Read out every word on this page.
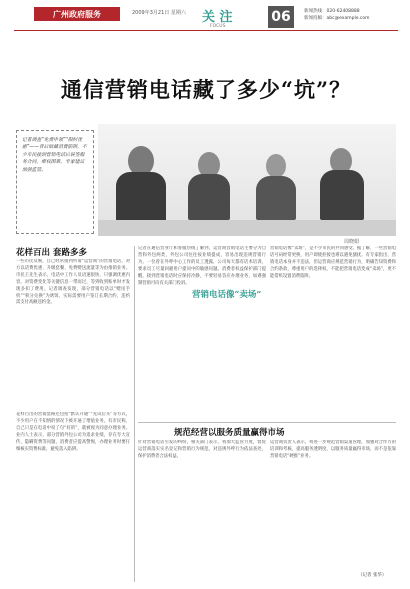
广州政府服务	2009年3月21日 星期六 关 注
FOCUS
06	新闻热线：020-62408888
新闻投稿：abc@example.com
通信营销电话藏了多少“坑”？
记者调查“免费申领”“限时优惠”——背后暗藏消费陷阱，不少市民接到营销电话后误签服务合同，维权困难，专家建议加强监管。
周晓娟
花样百出 套路多多

一些市民反映，自己经常接到所谓“运营商”的营销电话，对方以话费优惠、升级套餐、免费赠送流量等为由推销业务。市民王先生表示，电话中工作人员语速很快，只强调优惠内容，对资费变化等关键信息一带而过，等到收到账单时才发现多扣了费用。记者调查发现，部分营销电话以“赠送手机”“积分兑换”为诱饵，实际需要用户签订长期合约，违约需支付高额违约金。

花样百出的营销套路还包括“默认开通”“先试后买”等方式，不少用户在不知情的情况下被开通了增值业务。有市民称，自己只是在电话中说了句“好的”，就被视为同意办理业务。业内人士表示，部分营销外包公司为追求业绩，存在夸大宣传、隐瞒资费等问题，消费者应提高警惕，办理业务时要仔细核实资费标准，避免落入陷阱。

营销电话像“卖场”

记者在通信营业厅和客服热线了解到，运营商营销电话主要分为自营和外包两类，外包公司往往按业绩提成，容易出现违规营销行为。一位曾在外呼中心工作的员工透露，公司每天都有话术培训，要求员工尽量回避用户提问中的敏感问题。消费者权益保护部门提醒，接到营销电话时应保持冷静，不要轻易答应办理业务，如遇强制营销可向有关部门投诉。

营销电话像“卖场”，是不少市民的共同感受。据了解，一些营销电话号码经常更换，用户即使拒接也难以避免骚扰。有专家指出，营销电话本身并不违法，但运营商应规范营销行为，明确告知资费和合约条款，尊重用户的选择权，不能把营销电话变成“卖场”，更不能借机设置消费陷阱。

规范经营以服务质量赢得市场

针对营销电话引发的纠纷，相关部门表示，将加大监管力度，督促运营商落实实名登记和营销行为规范，对违规外呼行为依法查处，保护消费者合法权益。

运营商负责人表示，将进一步规范营销渠道管理，加强对合作方的培训和考核，提高服务透明度，以服务质量赢得市场，而不是依靠营销电话“硬推”业务。

（记者 张华）
